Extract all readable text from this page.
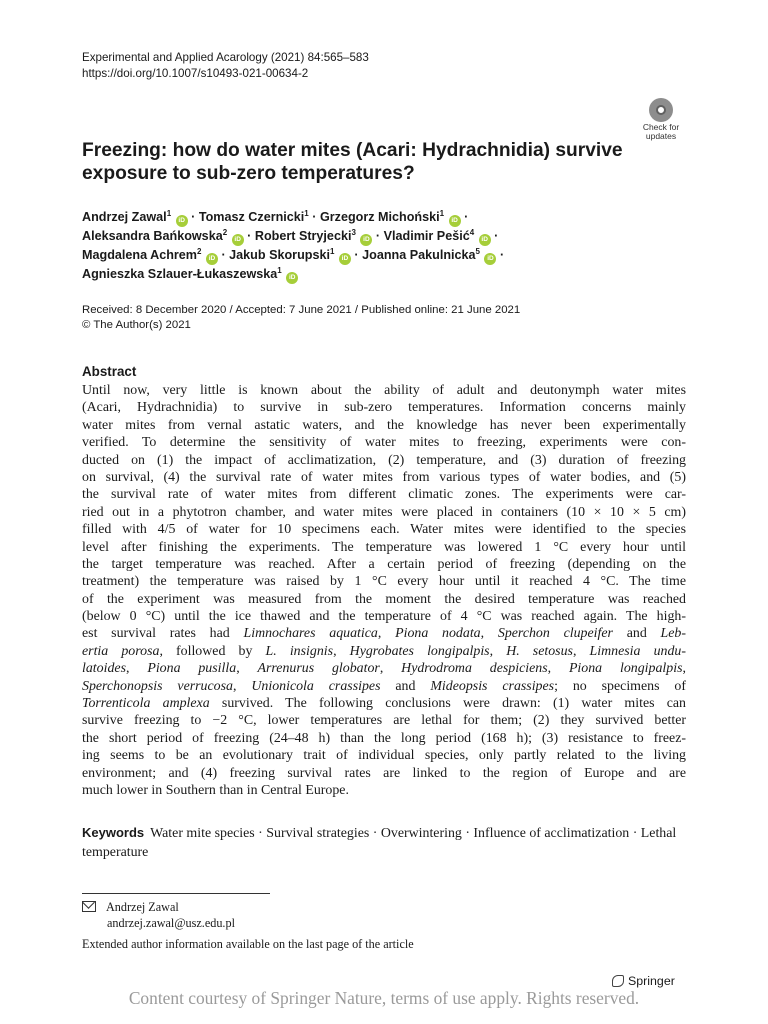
Experimental and Applied Acarology (2021) 84:565–583
https://doi.org/10.1007/s10493-021-00634-2
Check for
updates
Freezing: how do water mites (Acari: Hydrachnidia) survive
exposure to sub-zero temperatures?
Andrzej Zawal$^1$ iD · Tomasz Czernicki$^1$ · Grzegorz Michoński$^1$ iD ·
Aleksandra Bańkowska$^2$ iD · Robert Stryjecki$^3$ iD · Vladimir Pešić$^4$ iD ·
Magdalena Achrem$^2$ iD · Jakub Skorupski$^1$ iD · Joanna Pakulnicka$^5$ iD ·
Agnieszka Szlauer-Łukaszewska$^1$ iD
Received: 8 December 2020 / Accepted: 7 June 2021 / Published online: 21 June 2021
© The Author(s) 2021
Abstract
Until now, very little is known about the ability of adult and deutonymph water mites
(Acari, Hydrachnidia) to survive in sub-zero temperatures. Information concerns mainly
water mites from vernal astatic waters, and the knowledge has never been experimentally
verified. To determine the sensitivity of water mites to freezing, experiments were con-
ducted on (1) the impact of acclimatization, (2) temperature, and (3) duration of freezing
on survival, (4) the survival rate of water mites from various types of water bodies, and (5)
the survival rate of water mites from different climatic zones. The experiments were car-
ried out in a phytotron chamber, and water mites were placed in containers (10 × 10 × 5 cm)
filled with 4/5 of water for 10 specimens each. Water mites were identified to the species
level after finishing the experiments. The temperature was lowered 1 °C every hour until
the target temperature was reached. After a certain period of freezing (depending on the
treatment) the temperature was raised by 1 °C every hour until it reached 4 °C. The time
of the experiment was measured from the moment the desired temperature was reached
(below 0 °C) until the ice thawed and the temperature of 4 °C was reached again. The high-
est survival rates had Limnochares aquatica, Piona nodata, Sperchon clupeifer and Leb-
ertia porosa, followed by L. insignis, Hygrobates longipalpis, H. setosus, Limnesia undu-
latoides, Piona pusilla, Arrenurus globator, Hydrodroma despiciens, Piona longipalpis,
Sperchonopsis verrucosa, Unionicola crassipes and Mideopsis crassipes; no specimens of
Torrenticola amplexa survived. The following conclusions were drawn: (1) water mites can
survive freezing to −2 °C, lower temperatures are lethal for them; (2) they survived better
the short period of freezing (24–48 h) than the long period (168 h); (3) resistance to freez-
ing seems to be an evolutionary trait of individual species, only partly related to the living
environment; and (4) freezing survival rates are linked to the region of Europe and are
much lower in Southern than in Central Europe.
Keywords Water mite species · Survival strategies · Overwintering · Influence of acclimatization · Lethal temperature
Andrzej Zawal
andrzej.zawal@usz.edu.pl
Extended author information available on the last page of the article
Springer
Content courtesy of Springer Nature, terms of use apply. Rights reserved.
